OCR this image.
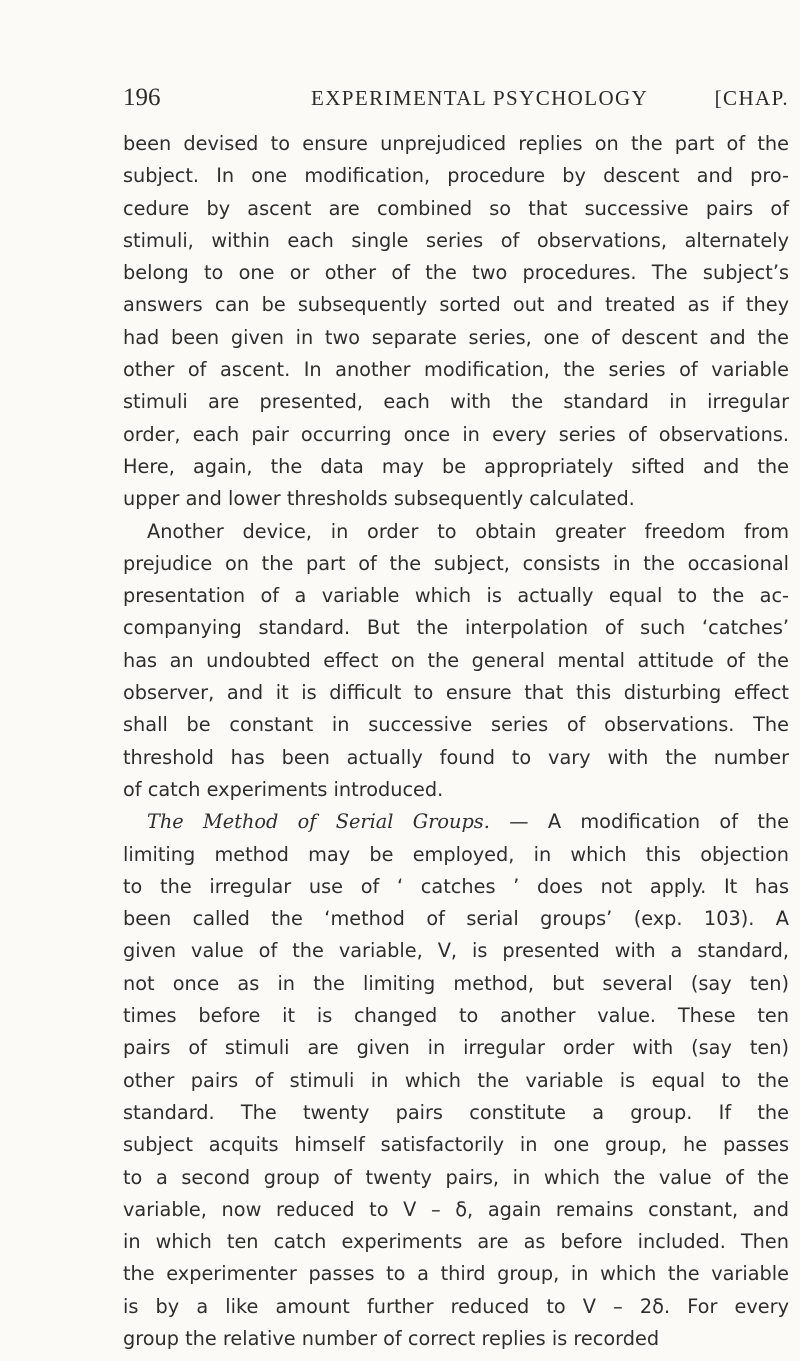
196	EXPERIMENTAL PSYCHOLOGY	[CHAP.
been devised to ensure unprejudiced replies on the part of the
subject. In one modification, procedure by descent and pro-
cedure by ascent are combined so that successive pairs of
stimuli, within each single series of observations, alternately
belong to one or other of the two procedures. The subject’s
answers can be subsequently sorted out and treated as if they
had been given in two separate series, one of descent and the
other of ascent. In another modification, the series of variable
stimuli are presented, each with the standard in irregular
order, each pair occurring once in every series of observations.
Here, again, the data may be appropriately sifted and the
upper and lower thresholds subsequently calculated.
Another device, in order to obtain greater freedom from
prejudice on the part of the subject, consists in the occasional
presentation of a variable which is actually equal to the ac-
companying standard. But the interpolation of such ‘catches’
has an undoubted effect on the general mental attitude of the
observer, and it is difficult to ensure that this disturbing effect
shall be constant in successive series of observations. The
threshold has been actually found to vary with the number
of catch experiments introduced.
The Method of Serial Groups. — A modification of the
limiting method may be employed, in which this objection
to the irregular use of ‘ catches ’ does not apply. It has
been called the ‘method of serial groups’ (exp. 103). A
given value of the variable, V, is presented with a standard,
not once as in the limiting method, but several (say ten)
times before it is changed to another value. These ten
pairs of stimuli are given in irregular order with (say ten)
other pairs of stimuli in which the variable is equal to the
standard. The twenty pairs constitute a group. If the
subject acquits himself satisfactorily in one group, he passes
to a second group of twenty pairs, in which the value of the
variable, now reduced to V – δ, again remains constant, and
in which ten catch experiments are as before included. Then
the experimenter passes to a third group, in which the variable
is by a like amount further reduced to V – 2δ. For every
group the relative number of correct replies is recorded
